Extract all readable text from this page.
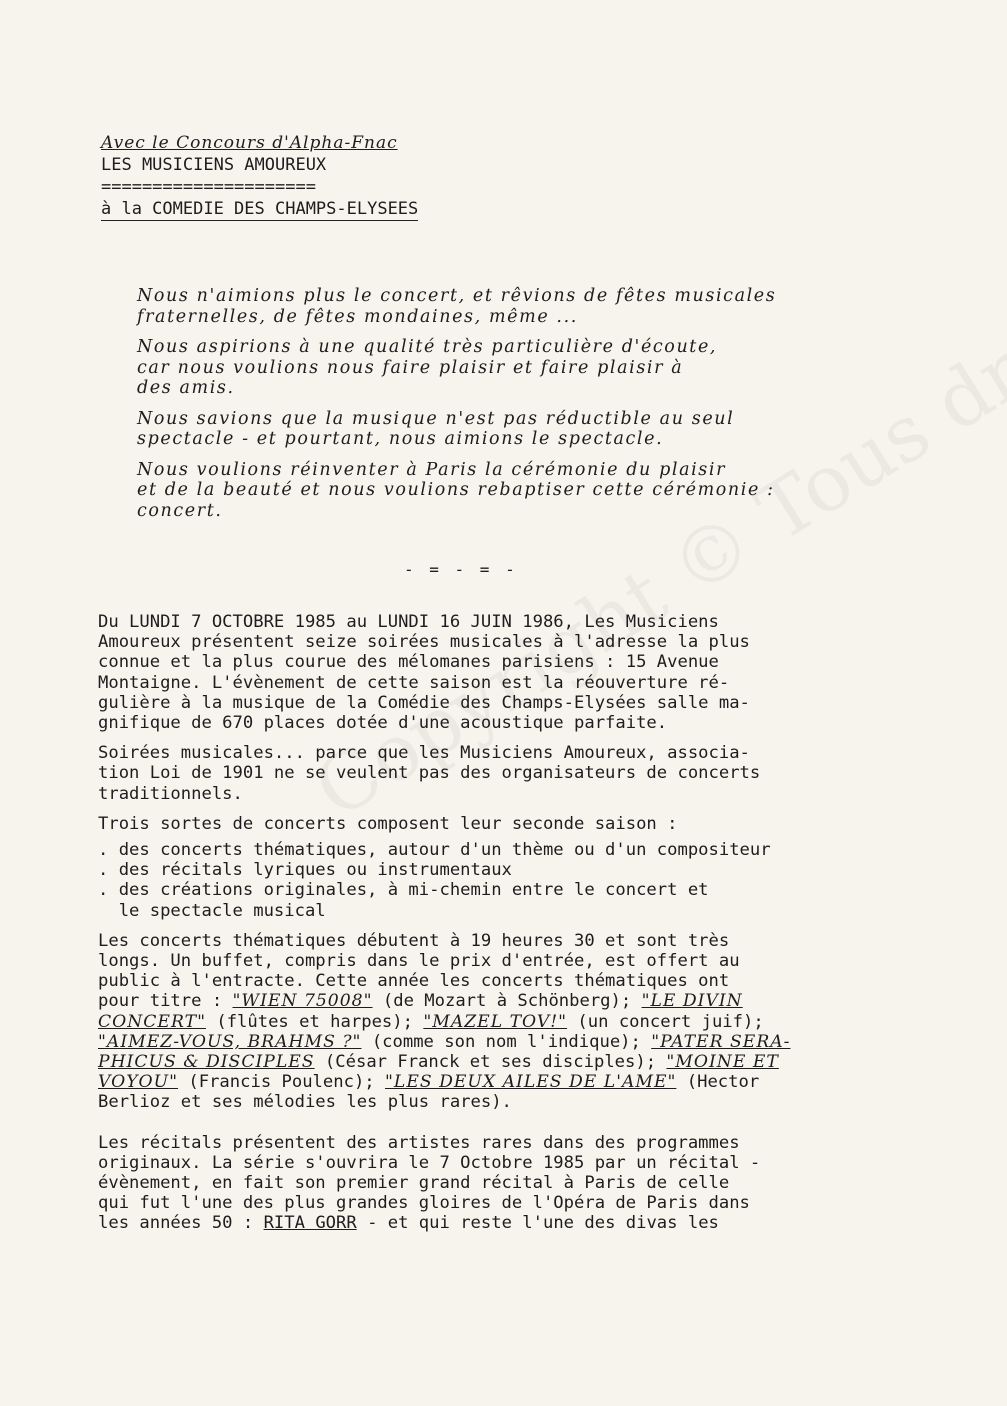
Avec le Concours d'Alpha-Fnac
LES MUSICIENS AMOUREUX
=====================
à la COMEDIE DES CHAMPS-ELYSEES

Nous n'aimions plus le concert, et rêvions de fêtes musicales
fraternelles, de fêtes mondaines, même ...

Nous aspirions à une qualité très particulière d'écoute,
car nous voulions nous faire plaisir et faire plaisir à
des amis.

Nous savions que la musique n'est pas réductible au seul
spectacle - et pourtant, nous aimions le spectacle.

Nous voulions réinventer à Paris la cérémonie du plaisir
et de la beauté et nous voulions rebaptiser cette cérémonie :
concert.

- = - = -

Du LUNDI 7 OCTOBRE 1985 au LUNDI 16 JUIN 1986, Les Musiciens
Amoureux présentent seize soirées musicales à l'adresse la plus
connue et la plus courue des mélomanes parisiens : 15 Avenue
Montaigne. L'évènement de cette saison est la réouverture ré-
gulière à la musique de la Comédie des Champs-Elysées salle ma-
gnifique de 670 places dotée d'une acoustique parfaite.

Soirées musicales... parce que les Musiciens Amoureux, associa-
tion Loi de 1901 ne se veulent pas des organisateurs de concerts
traditionnels.

Trois sortes de concerts composent leur seconde saison :

. des concerts thématiques, autour d'un thème ou d'un compositeur
. des récitals lyriques ou instrumentaux
. des créations originales, à mi-chemin entre le concert et
le spectacle musical

Les concerts thématiques débutent à 19 heures 30 et sont très
longs. Un buffet, compris dans le prix d'entrée, est offert au
public à l'entracte. Cette année les concerts thématiques ont
pour titre : "WIEN 75008" (de Mozart à Schönberg); "LE DIVIN
CONCERT" (flûtes et harpes); "MAZEL TOV!" (un concert juif);
"AIMEZ-VOUS, BRAHMS ?" (comme son nom l'indique); "PATER SERA-
PHICUS & DISCIPLES (César Franck et ses disciples); "MOINE ET
VOYOU" (Francis Poulenc); "LES DEUX AILES DE L'AME" (Hector
Berlioz et ses mélodies les plus rares).

Les récitals présentent des artistes rares dans des programmes
originaux. La série s'ouvrira le 7 Octobre 1985 par un récital -
évènement, en fait son premier grand récital à Paris de celle
qui fut l'une des plus grandes gloires de l'Opéra de Paris dans
les années 50 : RITA GORR - et qui reste l'une des divas les
